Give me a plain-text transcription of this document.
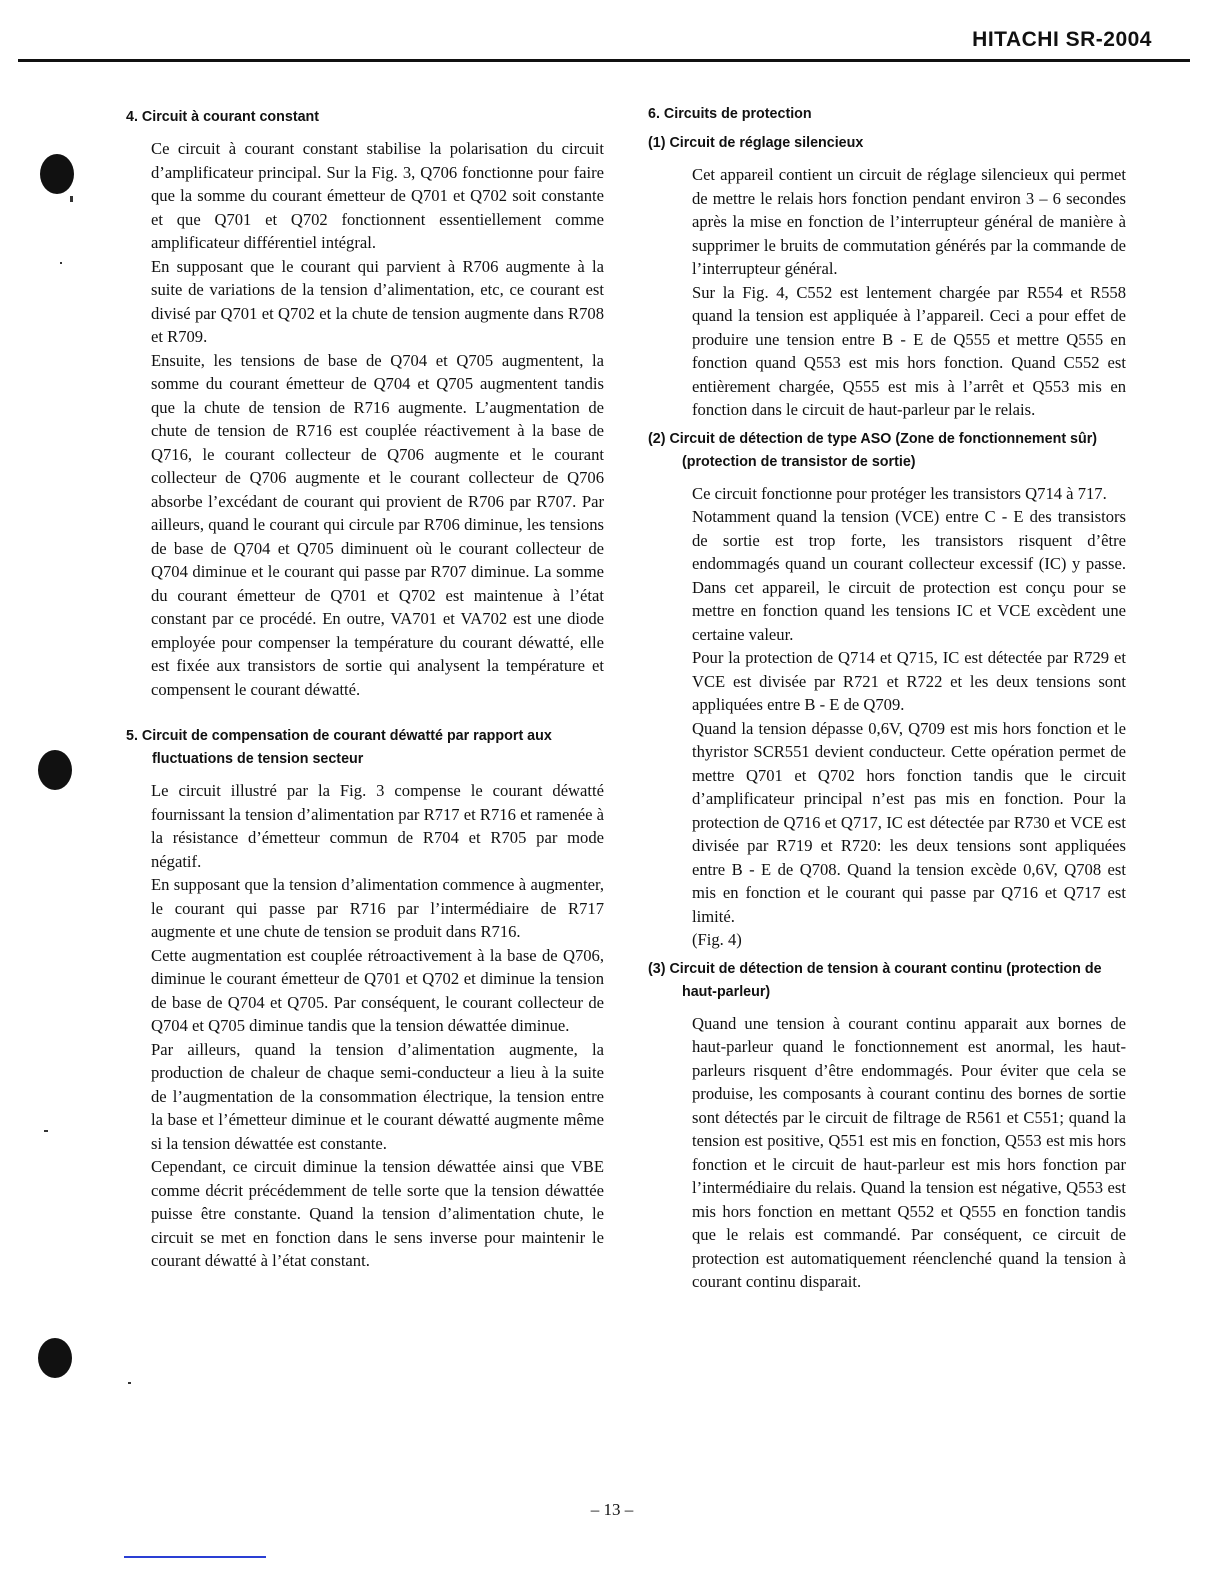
HITACHI SR-2004
4. Circuit à courant constant

Ce circuit à courant constant stabilise la polarisation du circuit d’amplificateur principal. Sur la Fig. 3, Q706 fonctionne pour faire que la somme du courant émetteur de Q701 et Q702 soit constante et que Q701 et Q702 fonctionnent essentiellement comme amplificateur différentiel intégral.

En supposant que le courant qui parvient à R706 augmente à la suite de variations de la tension d’alimentation, etc, ce courant est divisé par Q701 et Q702 et la chute de tension augmente dans R708 et R709.

Ensuite, les tensions de base de Q704 et Q705 augmentent, la somme du courant émetteur de Q704 et Q705 augmentent tandis que la chute de tension de R716 augmente. L’augmentation de chute de tension de R716 est couplée réactivement à la base de Q716, le courant collecteur de Q706 augmente et le courant collecteur de Q706 augmente et le courant collecteur de Q706 absorbe l’excédant de courant qui provient de R706 par R707. Par ailleurs, quand le courant qui circule par R706 diminue, les tensions de base de Q704 et Q705 diminuent où le courant collecteur de Q704 diminue et le courant qui passe par R707 diminue. La somme du courant émetteur de Q701 et Q702 est maintenue à l’état constant par ce procédé. En outre, VA701 et VA702 est une diode employée pour compenser la température du courant déwatté, elle est fixée aux transistors de sortie qui analysent la température et compensent le courant déwatté.

5. Circuit de compensation de courant déwatté par rapport aux fluctuations de tension secteur

Le circuit illustré par la Fig. 3 compense le courant déwatté fournissant la tension d’alimentation par R717 et R716 et ramenée à la résistance d’émetteur commun de R704 et R705 par mode négatif.

En supposant que la tension d’alimentation commence à augmenter, le courant qui passe par R716 par l’intermédiaire de R717 augmente et une chute de tension se produit dans R716.

Cette augmentation est couplée rétroactivement à la base de Q706, diminue le courant émetteur de Q701 et Q702 et diminue la tension de base de Q704 et Q705. Par conséquent, le courant collecteur de Q704 et Q705 diminue tandis que la tension déwattée diminue.

Par ailleurs, quand la tension d’alimentation augmente, la production de chaleur de chaque semi-conducteur a lieu à la suite de l’augmentation de la consommation électrique, la tension entre la base et l’émetteur diminue et le courant déwatté augmente même si la tension déwattée est constante.

Cependant, ce circuit diminue la tension déwattée ainsi que VBE comme décrit précédemment de telle sorte que la tension déwattée puisse être constante. Quand la tension d’alimentation chute, le circuit se met en fonction dans le sens inverse pour maintenir le courant déwatté à l’état constant.

6. Circuits de protection
(1) Circuit de réglage silencieux

Cet appareil contient un circuit de réglage silencieux qui permet de mettre le relais hors fonction pendant environ 3 – 6 secondes après la mise en fonction de l’interrupteur général de manière à supprimer le bruits de commutation générés par la commande de l’interrupteur général.

Sur la Fig. 4, C552 est lentement chargée par R554 et R558 quand la tension est appliquée à l’appareil. Ceci a pour effet de produire une tension entre B - E de Q555 et mettre Q555 en fonction quand Q553 est mis hors fonction. Quand C552 est entièrement chargée, Q555 est mis à l’arrêt et Q553 mis en fonction dans le circuit de haut-parleur par le relais.

(2) Circuit de détection de type ASO (Zone de fonctionnement sûr) (protection de transistor de sortie)

Ce circuit fonctionne pour protéger les transistors Q714 à 717.

Notamment quand la tension (VCE) entre C - E des transistors de sortie est trop forte, les transistors risquent d’être endommagés quand un courant collecteur excessif (IC) y passe. Dans cet appareil, le circuit de protection est conçu pour se mettre en fonction quand les tensions IC et VCE excèdent une certaine valeur.

Pour la protection de Q714 et Q715, IC est détectée par R729 et VCE est divisée par R721 et R722 et les deux tensions sont appliquées entre B - E de Q709.

Quand la tension dépasse 0,6V, Q709 est mis hors fonction et le thyristor SCR551 devient conducteur. Cette opération permet de mettre Q701 et Q702 hors fonction tandis que le circuit d’amplificateur principal n’est pas mis en fonction. Pour la protection de Q716 et Q717, IC est détectée par R730 et VCE est divisée par R719 et R720: les deux tensions sont appliquées entre B - E de Q708. Quand la tension excède 0,6V, Q708 est mis en fonction et le courant qui passe par Q716 et Q717 est limité.

(Fig. 4)

(3) Circuit de détection de tension à courant continu (protection de haut-parleur)

Quand une tension à courant continu apparait aux bornes de haut-parleur quand le fonctionnement est anormal, les haut-parleurs risquent d’être endommagés. Pour éviter que cela se produise, les composants à courant continu des bornes de sortie sont détectés par le circuit de filtrage de R561 et C551; quand la tension est positive, Q551 est mis en fonction, Q553 est mis hors fonction et le circuit de haut-parleur est mis hors fonction par l’intermédiaire du relais. Quand la tension est négative, Q553 est mis hors fonction en mettant Q552 et Q555 en fonction tandis que le relais est commandé. Par conséquent, ce circuit de protection est automatiquement réenclenché quand la tension à courant continu disparait.

– 13 –
